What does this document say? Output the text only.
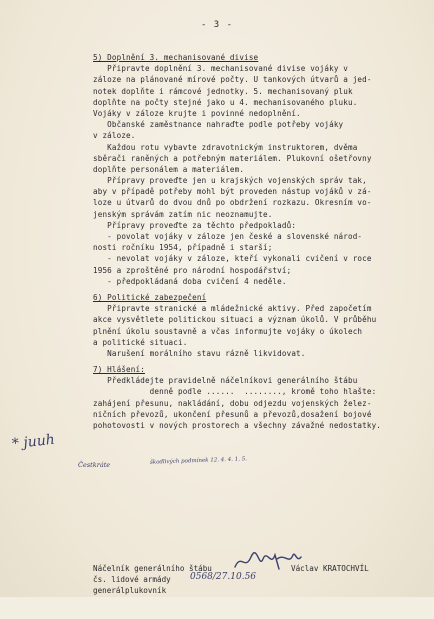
- 3 -
5) Doplnění 3. mechanisované divise
Připravte doplnění 3. mechanisované divise vojáky v
záloze na plánované mírové počty. U tankových útvarů a jed-
notek doplňte i rámcové jednotky. 5. mechanisovaný pluk
doplňte na počty stejné jako u 4. mechanisovaného pluku.
Vojáky v záloze krujte i povinné nedoplnění.
Občanské zaměstnance nahraďte podle potřeby vojáky
v záloze.
Každou rotu vybavte zdravotnickým instruktorem, dvěma
sběrači raněných a potřebným materiálem. Plukovní ošetřovny
doplňte personálem a materiálem.
Přípravy proveďte jen u krajských vojenských správ tak,
aby v případě potřeby mohl být proveden nástup vojáků v zá-
loze u útvarů do dvou dnů po obdržení rozkazu. Okresním vo-
jenským správám zatím nic neoznamujte.
Přípravy proveďte za těchto předpokladů:
- povolat vojáky v záloze jen české a slovenské národ-
nosti ročníku 1954, případně i starší;
- nevolat vojáky v záloze, kteří vykonali cvičení v roce
1956 a zproštěné pro národní hospodářství;
- předpokládaná doba cvičení 4 neděle.
6) Politické zabezpečení
Připravte stranické a mládežnické aktivy. Před započetím
akce vysvětlete politickou situaci a význam úkolů. V průběhu
plnění úkolu soustavně a včas informujte vojáky o úkolech
a politické situaci.
Narušení morálního stavu rázně likvidovat.
7) Hlášení:
Předkládejte pravidelně náčelníkovi generálního štábu
denně podle ......  ........, kromě toho hlašte:
zahájení přesunu, nakládání, dobu odjezdu vojenských želez-
ničních převozů, ukončení přesunů a převozů,dosažení bojové
pohotovosti v nových prostorech a všechny závažné nedostatky.
* juuh
Čestkráte	škodlivých podmínek 12. 4. 4. 1. 5.

Náčelník generálního štábu
čs. lidové armády
generálplukovník

Václav KRATOCHVÍL
0568/27.10.56
